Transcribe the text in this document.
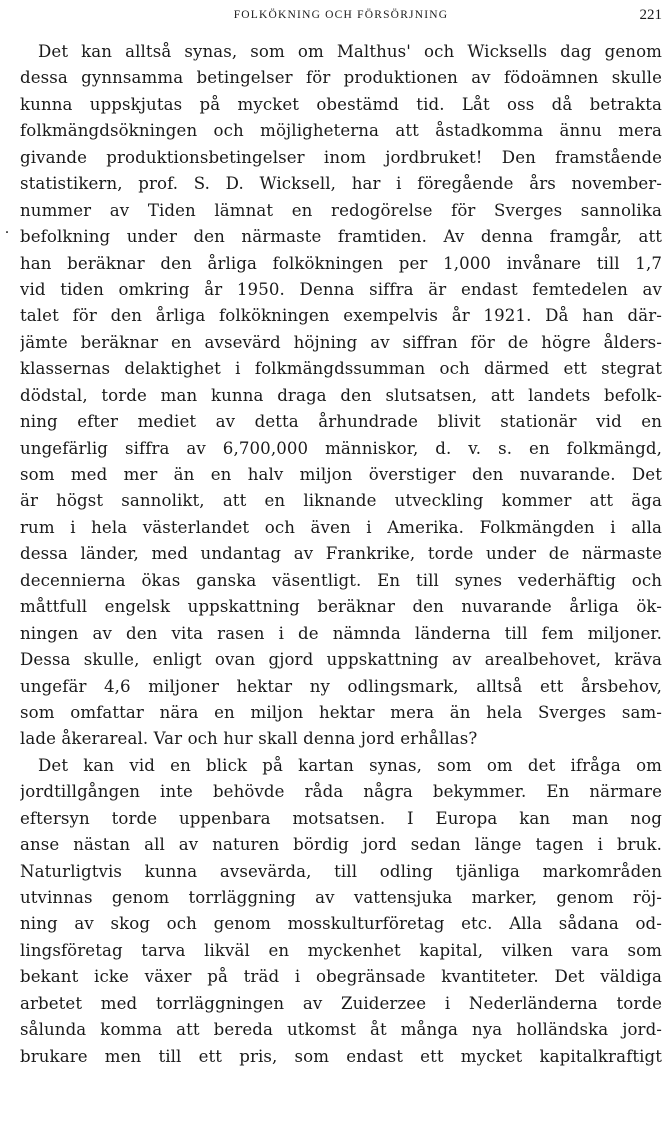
FOLKÖKNING OCH FÖRSÖRJNING	221
.
Det kan alltså synas, som om Malthus' och Wicksells dag genom
dessa gynnsamma betingelser för produktionen av födoämnen skulle
kunna uppskjutas på mycket obestämd tid. Låt oss då betrakta
folkmängdsökningen och möjligheterna att åstadkomma ännu mera
givande produktionsbetingelser inom jordbruket! Den framstående
statistikern, prof. S. D. Wicksell, har i föregående års november-
nummer av Tiden lämnat en redogörelse för Sverges sannolika
befolkning under den närmaste framtiden. Av denna framgår, att
han beräknar den årliga folkökningen per 1,000 invånare till 1,7
vid tiden omkring år 1950. Denna siffra är endast femtedelen av
talet för den årliga folkökningen exempelvis år 1921. Då han där-
jämte beräknar en avsevärd höjning av siffran för de högre ålders-
klassernas delaktighet i folkmängdssumman och därmed ett stegrat
dödstal, torde man kunna draga den slutsatsen, att landets befolk-
ning efter mediet av detta århundrade blivit stationär vid en
ungefärlig siffra av 6,700,000 människor, d. v. s. en folkmängd,
som med mer än en halv miljon överstiger den nuvarande. Det
är högst sannolikt, att en liknande utveckling kommer att äga
rum i hela västerlandet och även i Amerika. Folkmängden i alla
dessa länder, med undantag av Frankrike, torde under de närmaste
decennierna ökas ganska väsentligt. En till synes vederhäftig och
måttfull engelsk uppskattning beräknar den nuvarande årliga ök-
ningen av den vita rasen i de nämnda länderna till fem miljoner.
Dessa skulle, enligt ovan gjord uppskattning av arealbehovet, kräva
ungefär 4,6 miljoner hektar ny odlingsmark, alltså ett årsbehov,
som omfattar nära en miljon hektar mera än hela Sverges sam-
lade åkerareal. Var och hur skall denna jord erhållas?
Det kan vid en blick på kartan synas, som om det ifråga om
jordtillgången inte behövde råda några bekymmer. En närmare
eftersyn torde uppenbara motsatsen. I Europa kan man nog
anse nästan all av naturen bördig jord sedan länge tagen i bruk.
Naturligtvis kunna avsevärda, till odling tjänliga markområden
utvinnas genom torrläggning av vattensjuka marker, genom röj-
ning av skog och genom mosskulturföretag etc. Alla sådana od-
lingsföretag tarva likväl en myckenhet kapital, vilken vara som
bekant icke växer på träd i obegränsade kvantiteter. Det väldiga
arbetet med torrläggningen av Zuiderzee i Nederländerna torde
sålunda komma att bereda utkomst åt många nya holländska jord-
brukare men till ett pris, som endast ett mycket kapitalkraftigt
